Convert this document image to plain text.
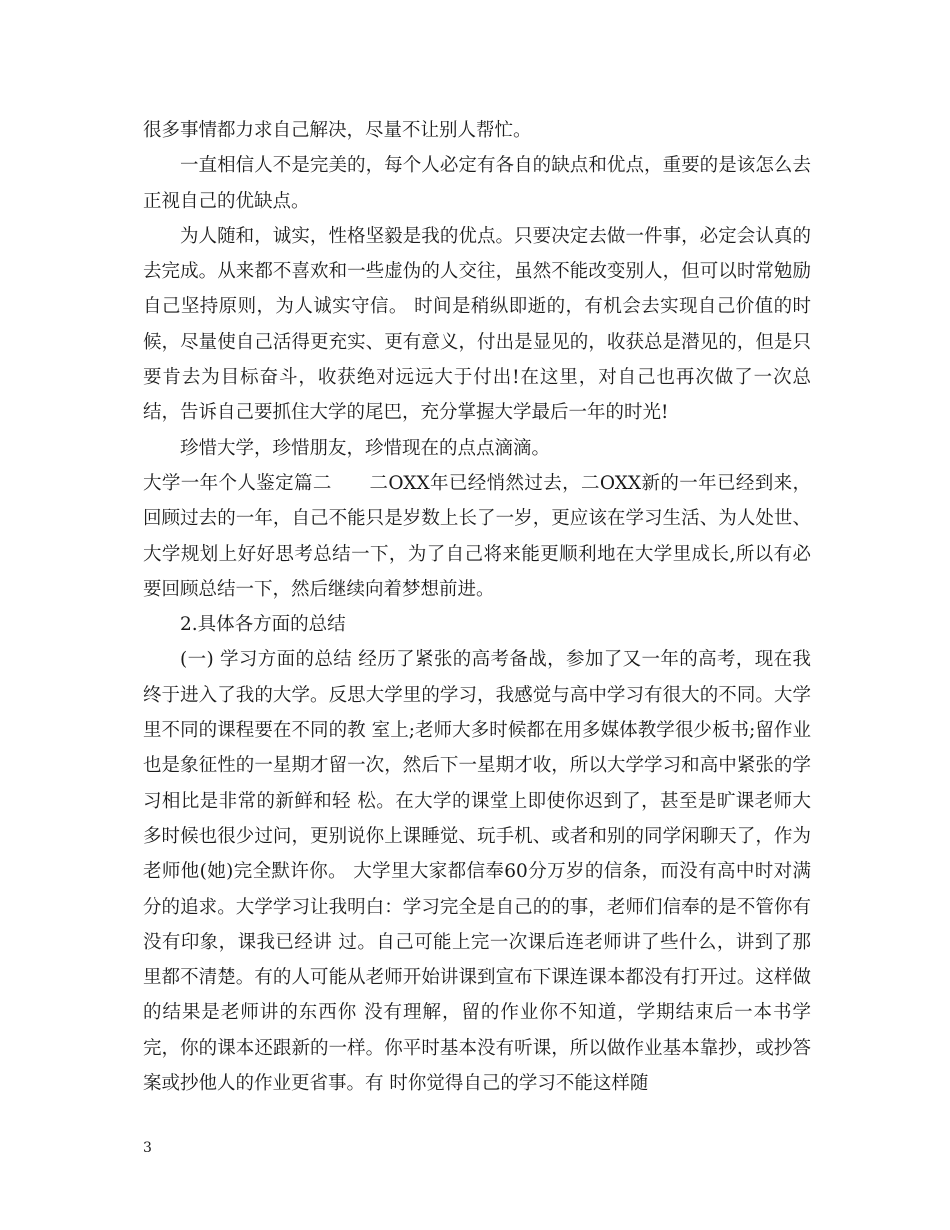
很多事情都力求自己解决，尽量不让别人帮忙。

一直相信人不是完美的，每个人必定有各自的缺点和优点，重要的是该怎么去正视自己的优缺点。

为人随和，诚实，性格坚毅是我的优点。只要决定去做一件事，必定会认真的去完成。从来都不喜欢和一些虚伪的人交往，虽然不能改变别人，但可以时常勉励自己坚持原则，为人诚实守信。 时间是稍纵即逝的，有机会去实现自己价值的时候，尽量使自己活得更充实、更有意义，付出是显见的，收获总是潜见的，但是只要肯去为目标奋斗，收获绝对远远大于付出!在这里，对自己也再次做了一次总结，告诉自己要抓住大学的尾巴，充分掌握大学最后一年的时光!

珍惜大学，珍惜朋友，珍惜现在的点点滴滴。

大学一年个人鉴定篇二　　二OXX年已经悄然过去，二OXX新的一年已经到来，回顾过去的一年，自己不能只是岁数上长了一岁，更应该在学习生活、为人处世、大学规划上好好思考总结一下，为了自己将来能更顺利地在大学里成长,所以有必要回顾总结一下，然后继续向着梦想前进。

2.具体各方面的总结

(一) 学习方面的总结 经历了紧张的高考备战，参加了又一年的高考，现在我终于进入了我的大学。反思大学里的学习，我感觉与高中学习有很大的不同。大学里不同的课程要在不同的教 室上;老师大多时候都在用多媒体教学很少板书;留作业也是象征性的一星期才留一次，然后下一星期才收，所以大学学习和高中紧张的学习相比是非常的新鲜和轻 松。在大学的课堂上即使你迟到了，甚至是旷课老师大多时候也很少过问，更别说你上课睡觉、玩手机、或者和别的同学闲聊天了，作为老师他(她)完全默许你。 大学里大家都信奉60分万岁的信条，而没有高中时对满分的追求。大学学习让我明白：学习完全是自己的的事，老师们信奉的是不管你有没有印象，课我已经讲 过。自己可能上完一次课后连老师讲了些什么，讲到了那里都不清楚。有的人可能从老师开始讲课到宣布下课连课本都没有打开过。这样做的结果是老师讲的东西你 没有理解，留的作业你不知道，学期结束后一本书学完，你的课本还跟新的一样。你平时基本没有听课，所以做作业基本靠抄，或抄答案或抄他人的作业更省事。有 时你觉得自己的学习不能这样随

3
